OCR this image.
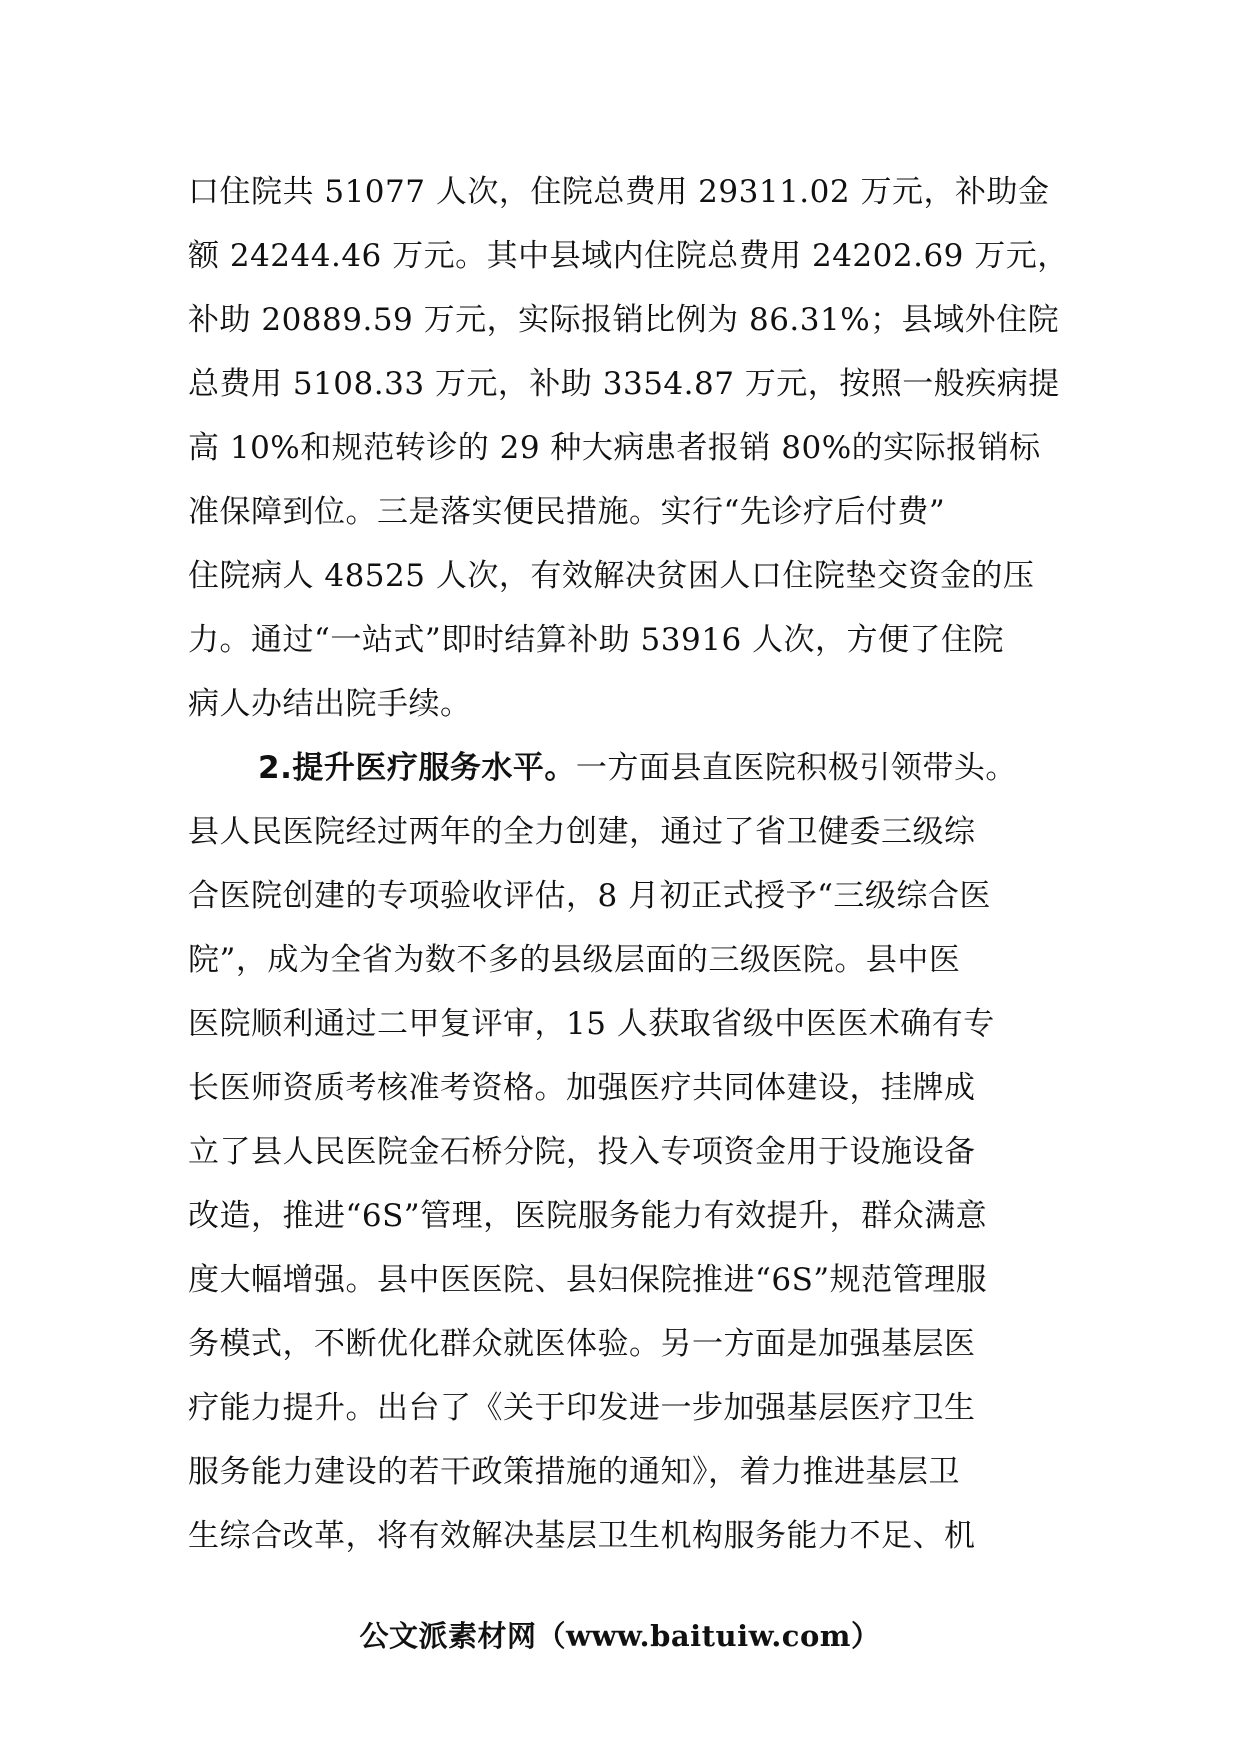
口住院共 51077 人次，住院总费用 29311.02 万元，补助金
额 24244.46 万元。其中县域内住院总费用 24202.69 万元，
补助 20889.59 万元，实际报销比例为 86.31%；县域外住院
总费用 5108.33 万元，补助 3354.87 万元，按照一般疾病提
高 10%和规范转诊的 29 种大病患者报销 80%的实际报销标
准保障到位。三是落实便民措施。实行“先诊疗后付费”
住院病人 48525 人次，有效解决贫困人口住院垫交资金的压
力。通过“一站式”即时结算补助 53916 人次，方便了住院
病人办结出院手续。
2.提升医疗服务水平。一方面县直医院积极引领带头。
县人民医院经过两年的全力创建，通过了省卫健委三级综
合医院创建的专项验收评估，8 月初正式授予“三级综合医
院”，成为全省为数不多的县级层面的三级医院。县中医
医院顺利通过二甲复评审，15 人获取省级中医医术确有专
长医师资质考核准考资格。加强医疗共同体建设，挂牌成
立了县人民医院金石桥分院，投入专项资金用于设施设备
改造，推进“6S”管理，医院服务能力有效提升，群众满意
度大幅增强。县中医医院、县妇保院推进“6S”规范管理服
务模式，不断优化群众就医体验。另一方面是加强基层医
疗能力提升。出台了《关于印发进一步加强基层医疗卫生
服务能力建设的若干政策措施的通知》，着力推进基层卫
生综合改革，将有效解决基层卫生机构服务能力不足、机
公文派素材网（www.baituiw.com）
